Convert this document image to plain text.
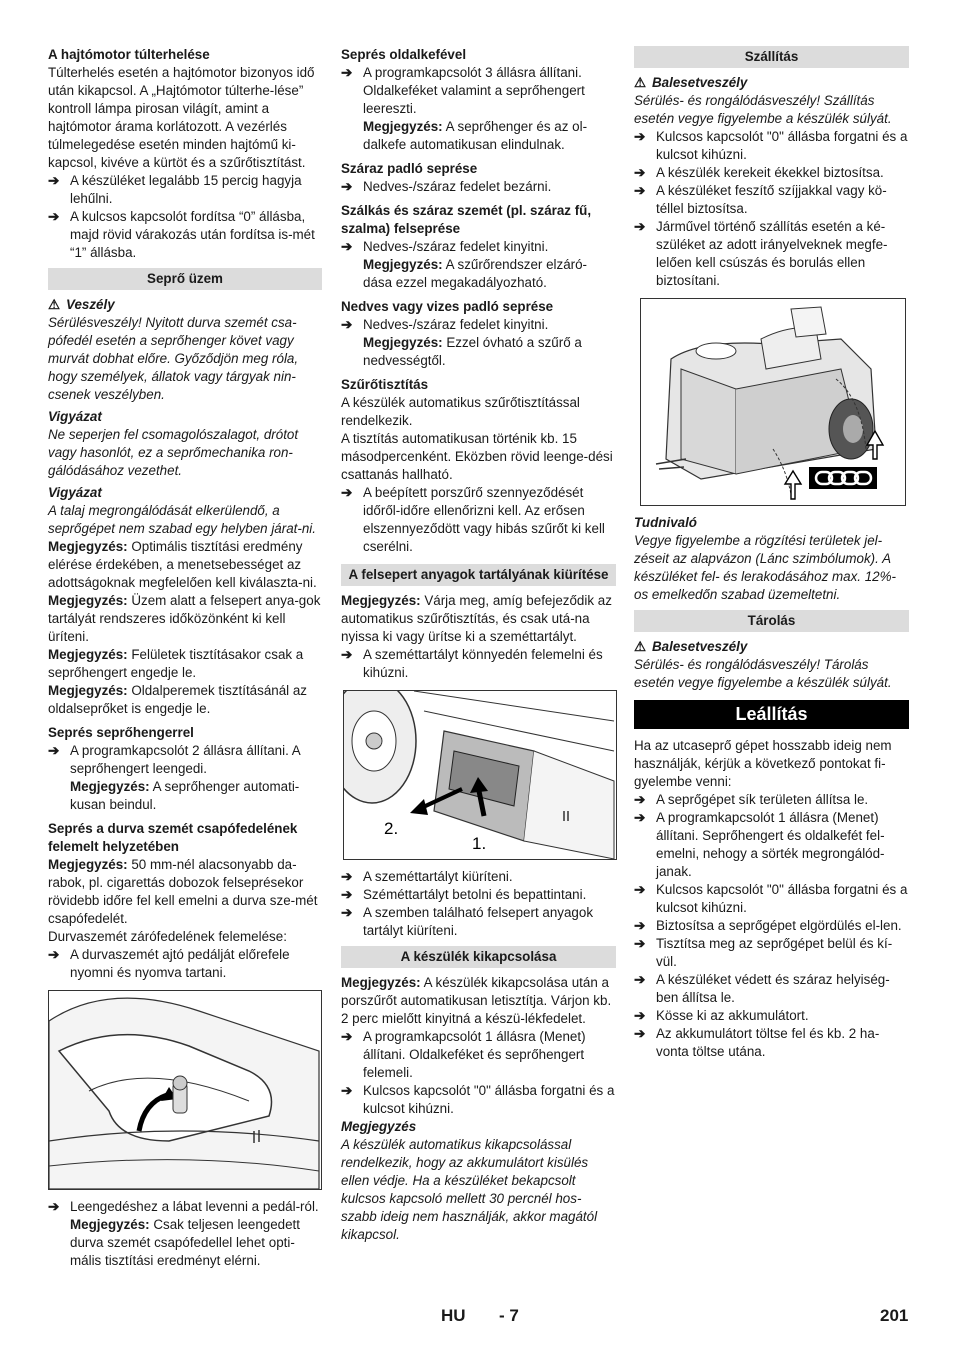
A hajtómotor túlterhelése

Túlterhelés esetén a hajtómotor bizonyos idő után kikapcsol. A „Hajtómotor túlterhe-lése” kontroll lámpa pirosan világít, amint a hajtómotor áramа korlátozott. A vezérlés túlmelegedése esetén minden hajtómű ki-kapcsol, kivéve a kürtöt és a szűrőtisztítást.

➔ A készüléket legalább 15 percig hagyja lehűlni.

➔ A kulcsos kapcsolót fordítsa “0” állásba, majd rövid várakozás után fordítsa is-mét “1” állásba.

Seprő üzem

⚠ Veszély

Sérülésveszély! Nyitott durva szemét csa-pófedél esetén a seprőhenger követ vagy murvát dobhat előre. Győződjön meg róla, hogy személyek, állatok vagy tárgyak nin-csenek veszélyben.

Vigyázat

Ne seperjen fel csomagolószalagot, drótot vagy hasonlót, ez a seprőmechanika ron-gálódásához vezethet.

Vigyázat

A talaj megrongálódását elkerülendő, a seprőgépet nem szabad egy helyben járat-ni.

Megjegyzés: Optimális tisztítási eredmény elérése érdekében, a menetsebességet az adottságoknak megfelelően kell kiválaszta-ni.

Megjegyzés: Üzem alatt a felsepert anya-gok tartályát rendszeres időközönként ki kell üríteni.

Megjegyzés: Felületek tisztításakor csak a seprőhengert engedje le.

Megjegyzés: Oldalperemek tisztításánál az oldalseprőket is engedje le.

Seprés seprőhengerrel

➔ A programkapcsolót 2 állásra állítani. A seprőhengert leengedi.

Megjegyzés: A seprőhenger automati-kusan beindul.

Seprés a durva szemét csapófedelének felemelt helyzetében

Megjegyzés: 50 mm-nél alacsonyabb da-rabok, pl. cigarettás dobozok felseprésekor rövidebb időre fel kell emelni a durva sze-mét csapófedelét.

Durvaszemét zárófedelének felemelése:

➔ A durvaszemét ajtó pedálját előrefele nyomni és nyomva tartani.

➔ Leengedéshez a lábat levenni a pedál-ról.

Megjegyzés: Csak teljesen leengedett durva szemét csapófedellel lehet opti-mális tisztítási eredményt elérni.

Seprés oldalkefével

➔ A programkapcsolót 3 állásra állítani. Oldalkeféket valamint a seprőhengert leereszti.

Megjegyzés: A seprőhenger és az ol-dalkefe automatikusan elindulnak.

Száraz padló seprése

➔ Nedves-/száraz fedelet bezárni.

Szálkás és száraz szemét (pl. száraz fű, szalma) felseprése

➔ Nedves-/száraz fedelet kinyitni.

Megjegyzés: A szűrőrendszer elzáró-dása ezzel megakadályozható.

Nedves vagy vizes padló seprése

➔ Nedves-/száraz fedelet kinyitni.

Megjegyzés: Ezzel óvható a szűrő a nedvességtől.

Szűrőtisztítás

A készülék automatikus szűrőtisztítással rendelkezik.

A tisztítás automatikusan történik kb. 15 másodpercenként. Eközben rövid leenge-dési csattanás hallható.

➔ A beépített porszűrő szennyeződését időről-időre ellenőrizni kell. Az erősen elszennyeződött vagy hibás szűrőt ki kell cserélni.

A felsepert anyagok tartályának kiürítése

Megjegyzés: Várja meg, amíg befejeződik az automatikus szűrőtisztítás, és csak utá-na nyissa ki vagy ürítse ki a szeméttartályt.

➔ A szeméttartályt könnyedén felemelni és kihúzni.

2.
1.

➔ A szeméttartályt kiüríteni.

➔ Széméttartályt betolni és bepattintani.

➔ A szemben található felsepert anyagok tartályt kiüríteni.

A készülék kikapcsolása

Megjegyzés: A készülék kikapcsolása után a porszűrőt automatikusan letisztítja. Várjon kb. 2 perc mielőtt kinyitná a készü-lékfedelet.

➔ A programkapcsolót 1 állásra (Menet) állítani. Oldalkeféket és seprőhengert felemeli.

➔ Kulcsos kapcsolót "0" állásba forgatni és a kulcsot kihúzni.

Megjegyzés

A készülék automatikus kikapcsolással rendelkezik, hogy az akkumulátort kisülés ellen védje. Ha a készüléket bekapcsolt kulcsos kapcsoló mellett 30 percnél hos-szabb ideig nem használják, akkor magától kikapcsol.

Szállítás

⚠ Balesetveszély

Sérülés- és rongálódásveszély! Szállítás esetén vegye figyelembe a készülék súlyát.

➔ Kulcsos kapcsolót "0" állásba forgatni és a kulcsot kihúzni.

➔ A készülék kerekeit ékekkel biztosítsa.

➔ A készüléket feszítő szíjjakkal vagy kö-téllel biztosítsa.

➔ Járművel történő szállítás esetén a ké-szüléket az adott irányelveknek megfe-lelően kell csúszás és borulás ellen biztosítani.

Tudnivaló

Vegye figyelembe a rögzítési területek jel-zéseit az alapvázon (Lánc szimbólumok). A készüléket fel- és lerakodásához max. 12%-os emelkedőn szabad üzemeltetni.

Tárolás

⚠ Balesetveszély

Sérülés- és rongálódásveszély! Tárolás esetén vegye figyelembe a készülék súlyát.

Leállítás

Ha az utcaseprő gépet hosszabb ideig nem használják, kérjük a következő pontokat fi-gyelembe venni:

➔ A seprőgépet sík területen állítsa le.

➔ A programkapcsolót 1 állásra (Menet) állítani. Seprőhengert és oldalkefét fel-emelni, nehogy a sörték megrongálód-janak.

➔ Kulcsos kapcsolót "0" állásba forgatni és a kulcsot kihúzni.

➔ Biztosítsa a seprőgépet elgördülés el-len.

➔ Tisztítsa meg az seprőgépet belül és kí-vül.

➔ A készüléket védett és száraz helyiség-ben állítsa le.

➔ Kösse ki az akkumulátort.

➔ Az akkumulátort töltse fel és kb. 2 ha-vonta töltse utána.

HU - 7	201
